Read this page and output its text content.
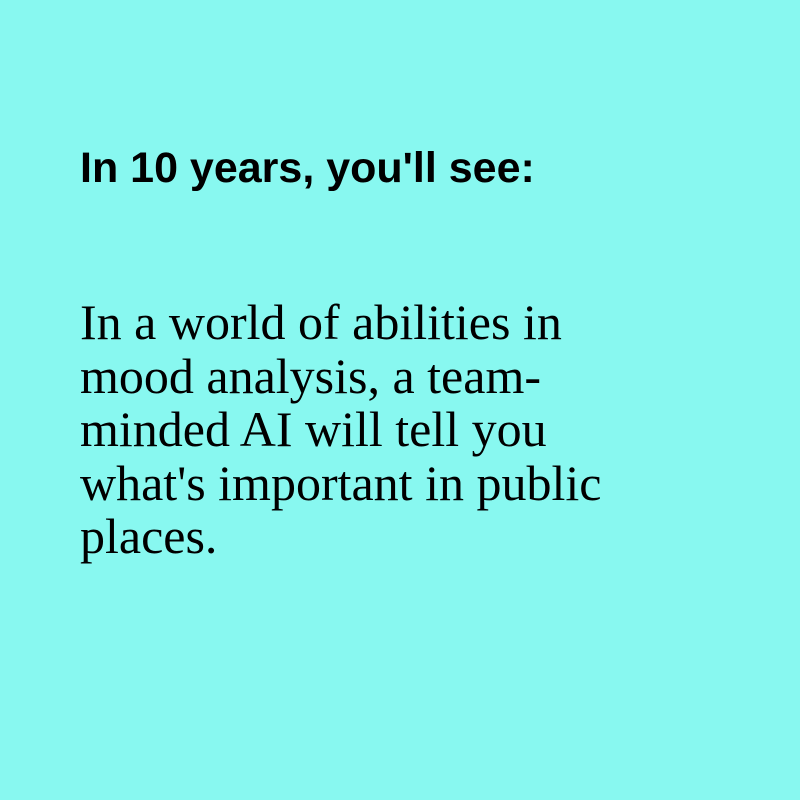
In 10 years, you'll see:

In a world of abilities in
mood analysis, a team-
minded AI will tell you
what's important in public
places.
